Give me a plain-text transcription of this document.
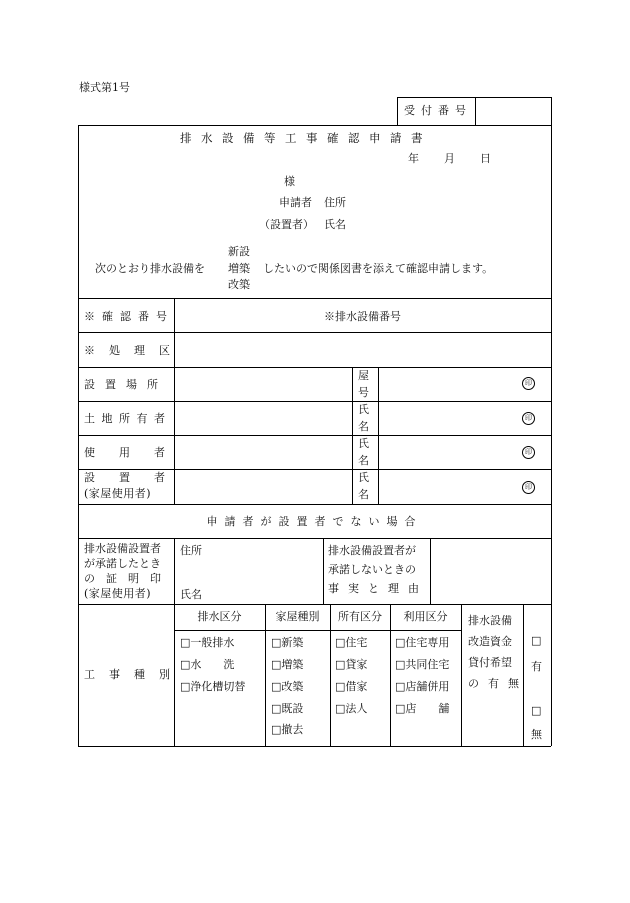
様式第1号
受付番号
排水設備等工事確認申請書
年 月 日
様
申請者 住所
（設置者） 氏名
新設
次のとおり排水設備を 増築 したいので関係図書を添えて確認申請します。
改築
※確認番号	※排水設備番号
※処理区
設置場所
屋
号
印
土地所有者
氏
名
印
使用者
氏
名
印
設置者
(家屋使用者)
氏
名
印
申請者が設置者でない場合
排水設備設置者
が承諾したとき
の証明印
(家屋使用者)
住所
氏名
排水設備設置者が
承諾しないときの
事実と理由
工事種別
排水区分
□一般排水
□水　　洗
□浄化槽切替
家屋種別
□新築
□増築
□改築
□既設
□撤去
所有区分
□住宅
□貸家
□借家
□法人
利用区分
□住宅専用
□共同住宅
□店舗併用
□店　　舗
排水設備
改造資金
貸付希望
の有無
□
有
□
無
